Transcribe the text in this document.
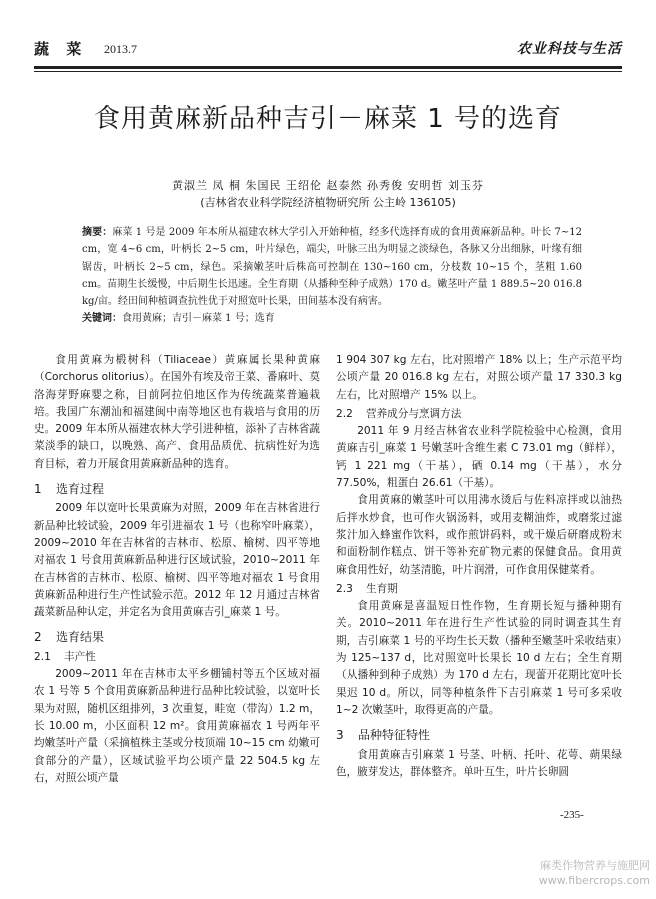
蔬 菜 2013.7	农业科技与生活
食用黄麻新品种吉引－麻菜 1 号的选育
黄淑兰 凤 桐 朱国民 王绍伦 赵泰然 孙秀俊 安明哲 刘玉芬
(吉林省农业科学院经济植物研究所 公主岭 136105)
摘要：麻菜 1 号是 2009 年本所从福建农林大学引入开始种植，经多代选择育成的食用黄麻新品种。叶长 7~12 cm，宽 4~6 cm，叶柄长 2~5 cm，叶片绿色，端尖，叶脉三出为明显之淡绿色，各脉又分出细脉，叶缘有细锯齿，叶柄长 2~5 cm，绿色。采摘嫩茎叶后株高可控制在 130~160 cm，分枝数 10~15 个，茎粗 1.60 cm。苗期生长缓慢，中后期生长迅速。全生育期（从播种至种子成熟）170 d。嫩茎叶产量 1 889.5~20 016.8 kg/亩。经田间种植调查抗性优于对照宽叶长果，田间基本没有病害。
关键词：食用黄麻；吉引－麻菜 1 号；选育

食用黄麻为椴树科（Tiliaceae）黄麻属长果种黄麻（Corchorus olitorius）。在国外有埃及帝王菜、番麻叶、莫洛海芽野麻婴之称，目前阿拉伯地区作为传统蔬菜普遍栽培。我国广东潮汕和福建闽中南等地区也有栽培与食用的历史。2009 年本所从福建农林大学引进种植，添补了吉林省蔬菜淡季的缺口，以晚熟、高产、食用品质优、抗病性好为选育目标，着力开展食用黄麻新品种的选育。

1 选育过程

2009 年以宽叶长果黄麻为对照，2009 年在吉林省进行新品种比较试验，2009 年引进福农 1 号（也称窄叶麻菜），2009~2010 年在吉林省的吉林市、松原、榆树、四平等地对福农 1 号食用黄麻新品种进行区域试验，2010~2011 年在吉林省的吉林市、松原、榆树、四平等地对福农 1 号食用黄麻新品种进行生产性试验示范。2012 年 12 月通过吉林省蔬菜新品种认定，并定名为食用黄麻吉引_麻菜 1 号。

2 选育结果
2.1 丰产性

2009~2011 年在吉林市太平乡棚铺村等五个区域对福农 1 号等 5 个食用黄麻新品种进行品种比较试验，以宽叶长果为对照，随机区组排列，3 次重复，畦宽（带沟）1.2 m，长 10.00 m，小区面积 12 m²。食用黄麻福农 1 号两年平均嫩茎叶产量（采摘植株主茎或分枝顶端 10~15 cm 幼嫩可食部分的产量），区域试验平均公顷产量 22 504.5 kg 左右，对照公顷产量

1 904 307 kg 左右，比对照增产 18% 以上；生产示范平均公顷产量 20 016.8 kg 左右，对照公顷产量 17 330.3 kg 左右，比对照增产 15% 以上。

2.2 营养成分与烹调方法

2011 年 9 月经吉林省农业科学院检验中心检测，食用黄麻吉引_麻菜 1 号嫩茎叶含维生素 C 73.01 mg（鲜样），钙 1 221 mg（干基），硒 0.14 mg（干基），水分 77.50%，粗蛋白 26.61（干基）。

食用黄麻的嫩茎叶可以用沸水烫后与佐料凉拌或以油热后拌水炒食，也可作火锅汤料，或用麦糊油炸，或磨浆过滤浆汁加入蜂蜜作饮料，或作煎饼码料，或干燥后研磨成粉末和面粉制作糕点、饼干等补充矿物元素的保健食品。食用黄麻食用性好，幼茎清脆，叶片润滑，可作食用保健菜肴。

2.3 生育期

食用黄麻是喜温短日性作物，生育期长短与播种期有关。2010~2011 年在进行生产性试验的同时调查其生育期，吉引麻菜 1 号的平均生长天数（播种至嫩茎叶采收结束）为 125~137 d，比对照宽叶长果长 10 d 左右；全生育期（从播种到种子成熟）为 170 d 左右，现蕾开花期比宽叶长果迟 10 d。所以，同等种植条件下吉引麻菜 1 号可多采收 1~2 次嫩茎叶，取得更高的产量。

3 品种特征特性

食用黄麻吉引麻菜 1 号茎、叶柄、托叶、花萼、蒴果绿色，腋芽发达，群体整齐。单叶互生，叶片长卵圆

-235-
麻类作物营养与施肥网
www.fibercrops.com
